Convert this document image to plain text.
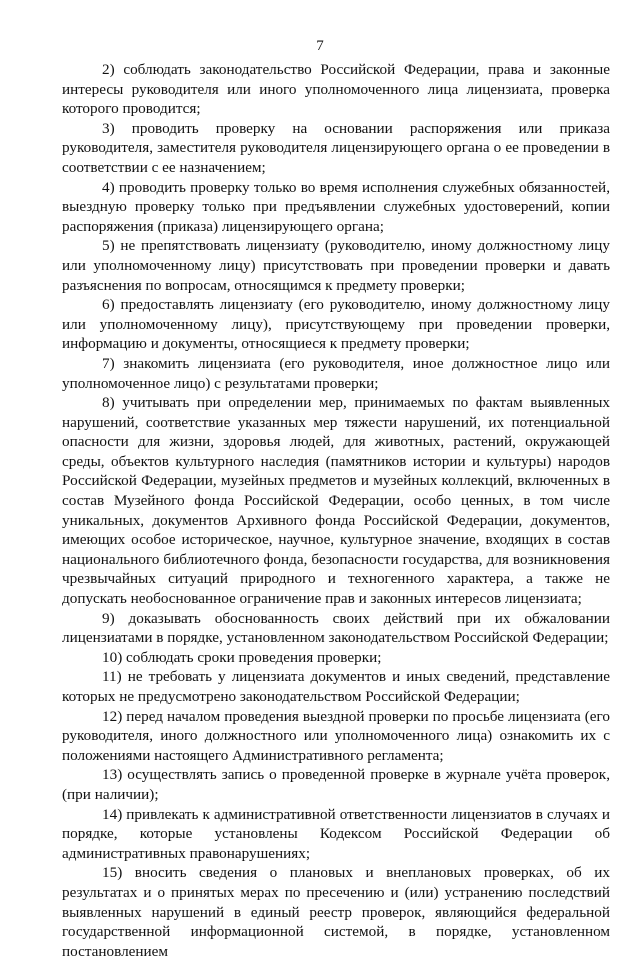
7

2) соблюдать законодательство Российской Федерации, права и законные интересы руководителя или иного уполномоченного лица лицензиата, проверка которого проводится;

3) проводить проверку на основании распоряжения или приказа руководителя, заместителя руководителя лицензирующего органа о ее проведении в соответствии с ее назначением;

4) проводить проверку только во время исполнения служебных обязанностей, выездную проверку только при предъявлении служебных удостоверений, копии распоряжения (приказа) лицензирующего органа;

5) не препятствовать лицензиату (руководителю, иному должностному лицу или уполномоченному лицу) присутствовать при проведении проверки и давать разъяснения по вопросам, относящимся к предмету проверки;

6) предоставлять лицензиату (его руководителю, иному должностному лицу или уполномоченному лицу), присутствующему при проведении проверки, информацию и документы, относящиеся к предмету проверки;

7) знакомить лицензиата (его руководителя, иное должностное лицо или уполномоченное лицо) с результатами проверки;

8) учитывать при определении мер, принимаемых по фактам выявленных нарушений, соответствие указанных мер тяжести нарушений, их потенциальной опасности для жизни, здоровья людей, для животных, растений, окружающей среды, объектов культурного наследия (памятников истории и культуры) народов Российской Федерации, музейных предметов и музейных коллекций, включенных в состав Музейного фонда Российской Федерации, особо ценных, в том числе уникальных, документов Архивного фонда Российской Федерации, документов, имеющих особое историческое, научное, культурное значение, входящих в состав национального библиотечного фонда, безопасности государства, для возникновения чрезвычайных ситуаций природного и техногенного характера, а также не допускать необоснованное ограничение прав и законных интересов лицензиата;

9) доказывать обоснованность своих действий при их обжаловании лицензиатами в порядке, установленном законодательством Российской Федерации;

10) соблюдать сроки проведения проверки;

11) не требовать у лицензиата документов и иных сведений, представление которых не предусмотрено законодательством Российской Федерации;

12) перед началом проведения выездной проверки по просьбе лицензиата (его руководителя, иного должностного или уполномоченного лица) ознакомить их с положениями настоящего Административного регламента;

13) осуществлять запись о проведенной проверке в журнале учёта проверок, (при наличии);

14) привлекать к административной ответственности лицензиатов в случаях и порядке, которые установлены Кодексом Российской Федерации об административных правонарушениях;

15) вносить сведения о плановых и внеплановых проверках, об их результатах и о принятых мерах по пресечению и (или) устранению последствий выявленных нарушений в единый реестр проверок, являющийся федеральной государственной информационной системой, в порядке, установленном постановлением
